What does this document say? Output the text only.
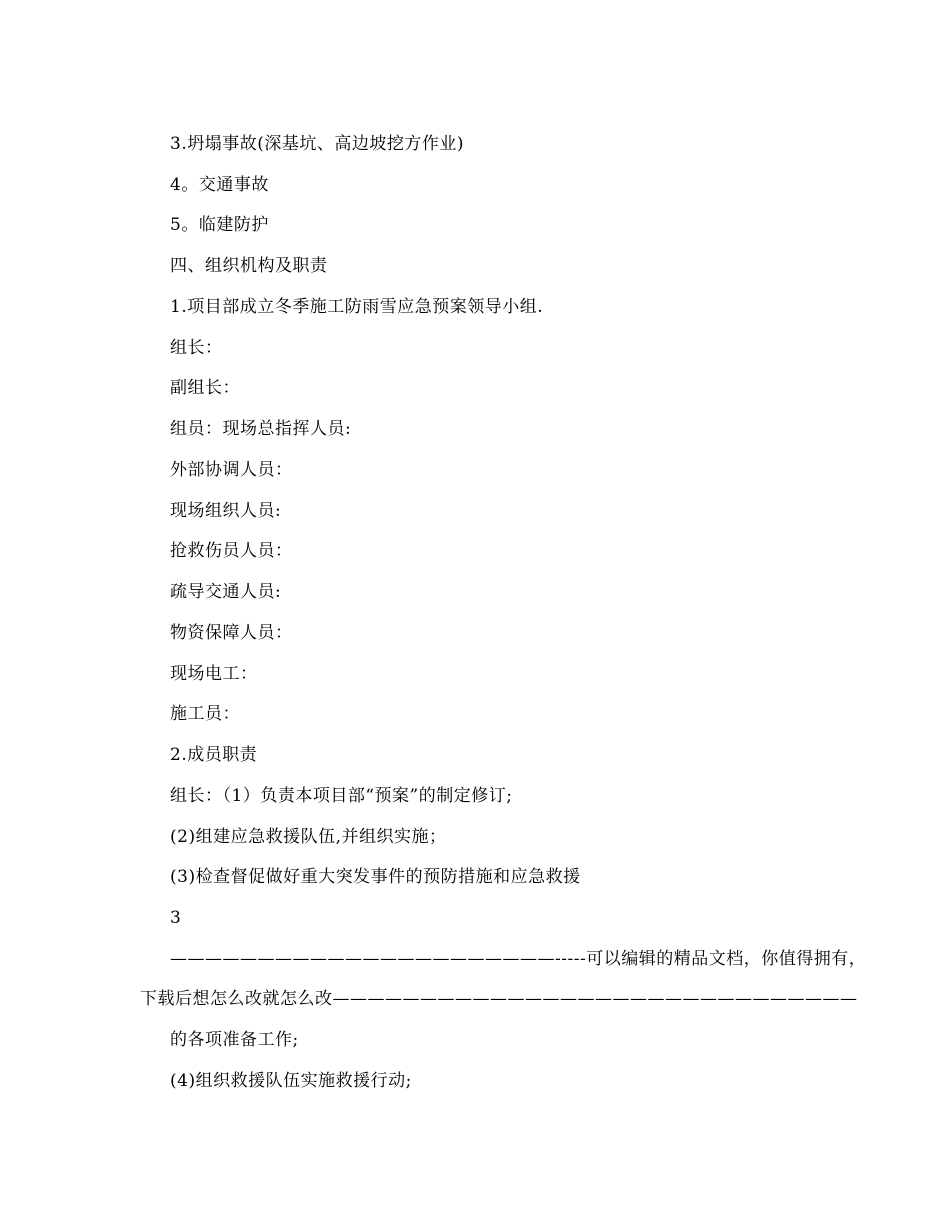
3.坍塌事故(深基坑、高边坡挖方作业)
4。交通事故
5。临建防护
四、组织机构及职责
1.项目部成立冬季施工防雨雪应急预案领导小组.
组长：
副组长：
组员：现场总指挥人员:
外部协调人员：
现场组织人员:
抢救伤员人员：
疏导交通人员:
物资保障人员：
现场电工：
施工员：
2.成员职责
组长：（1）负责本项目部“预案”的制定修订;
(2)组建应急救援队伍,并组织实施；
(3)检查督促做好重大突发事件的预防措施和应急救援
3
——————————————————————-----可以编辑的精品文档，你值得拥有，
下载后想怎么改就怎么改——————————————————————————————
的各项准备工作;
(4)组织救援队伍实施救援行动;
